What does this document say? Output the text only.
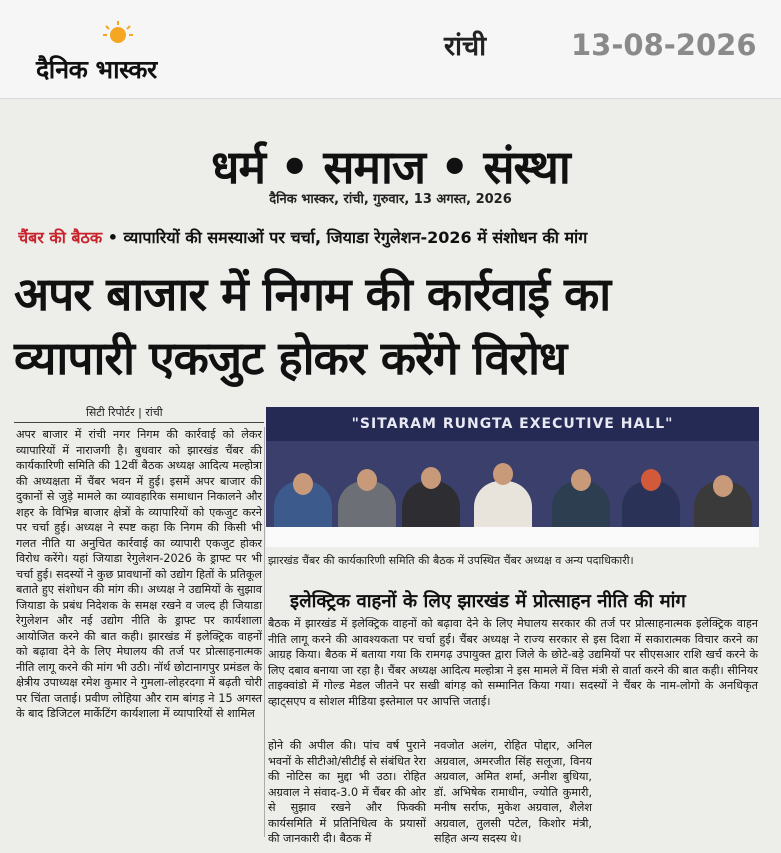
दैनिक भास्कर
रांची	13-08-2026
धर्म • समाज • संस्था
दैनिक भास्कर, रांची, गुरुवार, 13 अगस्त, 2026
चैंबर की बैठक • व्यापारियों की समस्याओं पर चर्चा, जियाडा रेगुलेशन-2026 में संशोधन की मांग
अपर बाजार में निगम की कार्रवाई का
व्यापारी एकजुट होकर करेंगे विरोध
सिटी रिपोर्टर | रांची
अपर बाजार में रांची नगर निगम की कार्रवाई को लेकर व्यापारियों में नाराजगी है। बुधवार को झारखंड चैंबर की कार्यकारिणी समिति की 12वीं बैठक अध्यक्ष आदित्य मल्होत्रा की अध्यक्षता में चैंबर भवन में हुई। इसमें अपर बाजार की दुकानों से जुड़े मामले का व्यावहारिक समाधान निकालने और शहर के विभिन्न बाजार क्षेत्रों के व्यापारियों को एकजुट करने पर चर्चा हुई। अध्यक्ष ने स्पष्ट कहा कि निगम की किसी भी गलत नीति या अनुचित कार्रवाई का व्यापारी एकजुट होकर विरोध करेंगे। यहां जियाडा रेगुलेशन-2026 के ड्राफ्ट पर भी चर्चा हुई। सदस्यों ने कुछ प्रावधानों को उद्योग हितों के प्रतिकूल बताते हुए संशोधन की मांग की। अध्यक्ष ने उद्यमियों के सुझाव जियाडा के प्रबंध निदेशक के समक्ष रखने व जल्द ही जियाडा रेगुलेशन और नई उद्योग नीति के ड्राफ्ट पर कार्यशाला आयोजित करने की बात कही। झारखंड में इलेक्ट्रिक वाहनों को बढ़ावा देने के लिए मेघालय की तर्ज पर प्रोत्साहनात्मक नीति लागू करने की मांग भी उठी। नॉर्थ छोटानागपुर प्रमंडल के क्षेत्रीय उपाध्यक्ष रमेश कुमार ने गुमला-लोहरदगा में बढ़ती चोरी पर चिंता जताई। प्रवीण लोहिया और राम बांगड़ ने 15 अगस्त के बाद डिजिटल मार्केटिंग कार्यशाला में व्यापारियों से शामिल
"SITARAM RUNGTA EXECUTIVE HALL"
झारखंड चैंबर की कार्यकारिणी समिति की बैठक में उपस्थित चैंबर अध्यक्ष व अन्य पदाधिकारी।
इलेक्ट्रिक वाहनों के लिए झारखंड में प्रोत्साहन नीति की मांग
बैठक में झारखंड में इलेक्ट्रिक वाहनों को बढ़ावा देने के लिए मेघालय सरकार की तर्ज पर प्रोत्साहनात्मक इलेक्ट्रिक वाहन नीति लागू करने की आवश्यकता पर चर्चा हुई। चैंबर अध्यक्ष ने राज्य सरकार से इस दिशा में सकारात्मक विचार करने का आग्रह किया। बैठक में बताया गया कि रामगढ़ उपायुक्त द्वारा जिले के छोटे-बड़े उद्यमियों पर सीएसआर राशि खर्च करने के लिए दबाव बनाया जा रहा है। चैंबर अध्यक्ष आदित्य मल्होत्रा ने इस मामले में वित्त मंत्री से वार्ता करने की बात कही। सीनियर ताइक्वांडो में गोल्ड मेडल जीतने पर सखी बांगड़ को सम्मानित किया गया। सदस्यों ने चैंबर के नाम-लोगो के अनधिकृत व्हाट्सएप व सोशल मीडिया इस्तेमाल पर आपत्ति जताई।
होने की अपील की। पांच वर्ष पुराने भवनों के सीटीओ/सीटीई से संबंधित रेरा की नोटिस का मुद्दा भी उठा। रोहित अग्रवाल ने संवाद-3.0 में चैंबर की ओर से सुझाव रखने और फिक्की कार्यसमिति में प्रतिनिधित्व के प्रयासों की जानकारी दी। बैठक में
नवजोत अलंग, रोहित पोद्दार, अनिल अग्रवाल, अमरजीत सिंह सलूजा, विनय अग्रवाल, अमित शर्मा, अनीश बुधिया, डॉ. अभिषेक रामाधीन, ज्योति कुमारी, मनीष सर्राफ, मुकेश अग्रवाल, शैलेश अग्रवाल, तुलसी पटेल, किशोर मंत्री, सहित अन्य सदस्य थे।
